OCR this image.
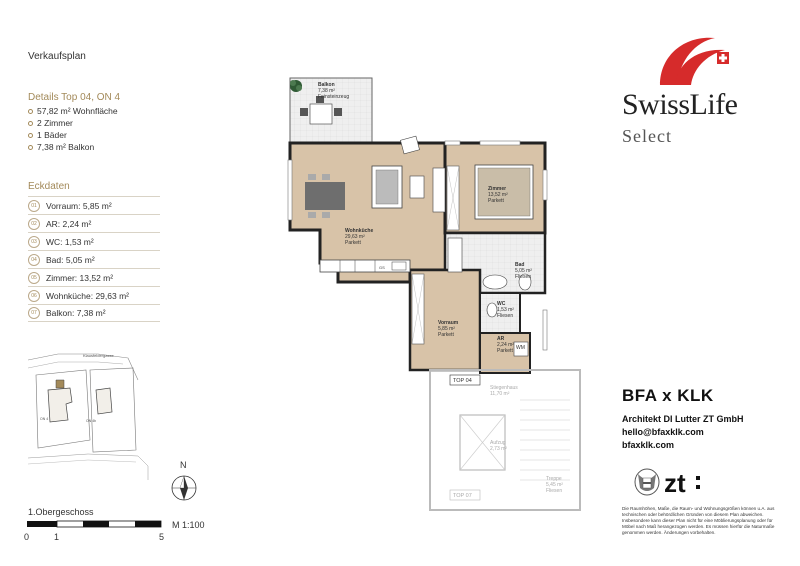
Verkaufsplan
Details Top 04, ON 4
57,82 m² Wohnfläche
2 Zimmer
1 Bäder
7,38 m² Balkon
Eckdaten
01	Vorraum: 5,85 m²
02	AR: 2,24 m²
03	WC: 1,53 m²
04	Bad: 5,05 m²
05	Zimmer: 13,52 m²
06	Wohnküche: 29,63 m²
07	Balkon: 7,38 m²
Klausfeldergasse
ON 4	ON 4b
N
1.Obergeschoss
0	1	5
M 1:100
GS
Balkon
7,38 m²
Feinsteinzeug
Zimmer
13,52 m²
Parkett
Wohnküche
29,63 m²
Parkett
Bad
5,05 m²
Fliesen
WC
1,53 m²
Fliesen
Vorraum
5,85 m²
Parkett
AR
2,24 m²
Parkett WM
TOP 04
TOP 07
Stiegenhaus
11,70 m²
Aufzug
2,73 m²
Treppe
5,45 m²
Fliesen
SwissLife
Select
BFA x KLK
Architekt DI Lutter ZT GmbH
hello@bfaxklk.com
bfaxklk.com
zt
Die Raumhöhen, Maße, die Raum- und Wohnungsgrößen können u.A. aus technischen oder behördlichen Gründen von diesem Plan abweichen. Insbesondere kann dieser Plan nicht für eine Möblierungsplanung oder für Möbel nach Maß herangezogen werden. Es müssen hierfür die Naturmaße genommen werden. Änderungen vorbehalten.
